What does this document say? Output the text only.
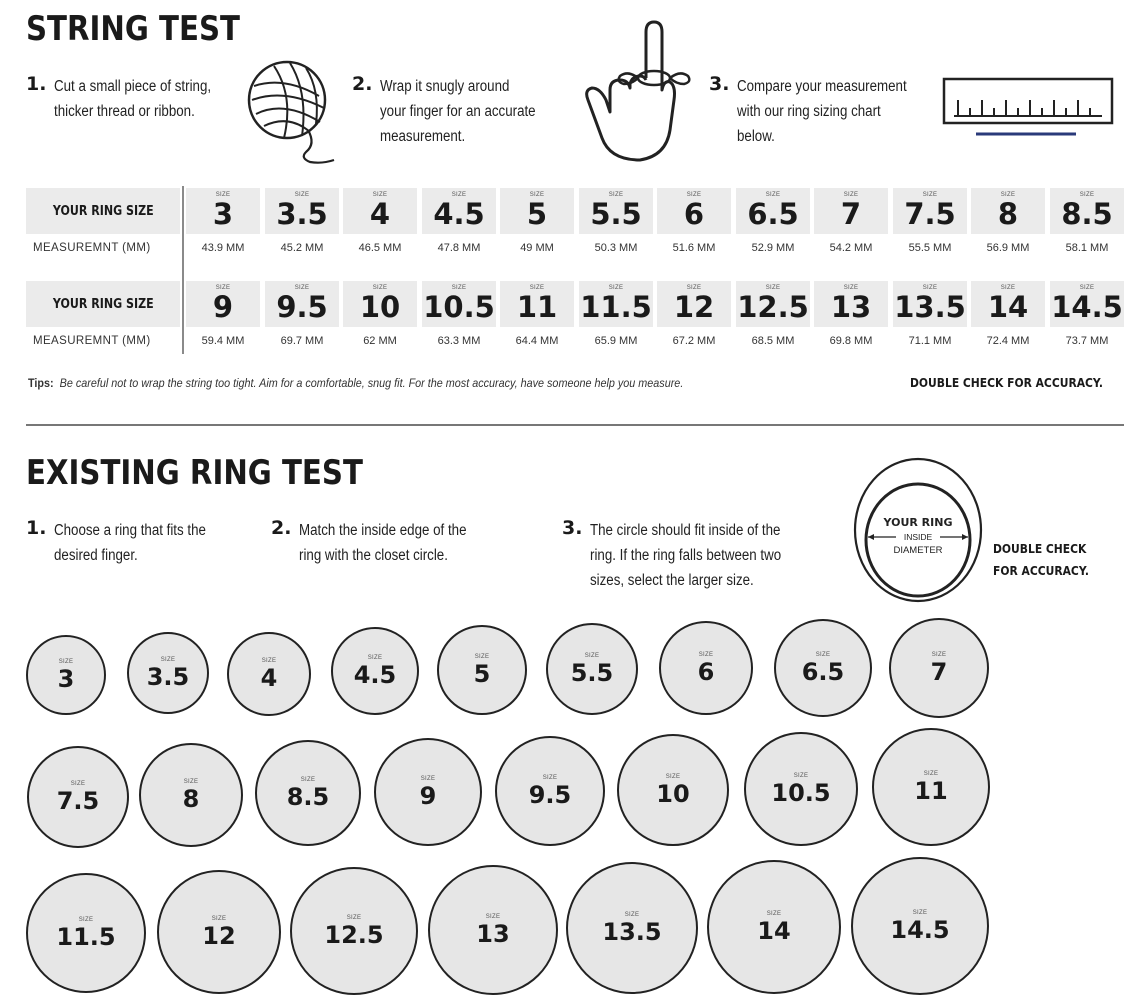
STRING TEST
1. Cut a small piece of string,
thicker thread or ribbon.
2. Wrap it snugly around
your finger for an accurate
measurement.
3. Compare your measurement
with our ring sizing chart
below.
YOUR RING SIZE
MEASUREMNT (MM)
SIZE
3
43.9 MM
SIZE
3.5
45.2 MM
SIZE
4
46.5 MM
SIZE
4.5
47.8 MM
SIZE
5
49 MM
SIZE
5.5
50.3 MM
SIZE
6
51.6 MM
SIZE
6.5
52.9 MM
SIZE
7
54.2 MM
SIZE
7.5
55.5 MM
SIZE
8
56.9 MM
SIZE
8.5
58.1 MM
YOUR RING SIZE
MEASUREMNT (MM)
SIZE
9
59.4 MM
SIZE
9.5
69.7 MM
SIZE
10
62 MM
SIZE
10.5
63.3 MM
SIZE
11
64.4 MM
SIZE
11.5
65.9 MM
SIZE
12
67.2 MM
SIZE
12.5
68.5 MM
SIZE
13
69.8 MM
SIZE
13.5
71.1 MM
SIZE
14
72.4 MM
SIZE
14.5
73.7 MM
Tips: Be careful not to wrap the string too tight. Aim for a comfortable, snug fit. For the most accuracy, have someone help you measure.	DOUBLE CHECK FOR ACCURACY.
EXISTING RING TEST
1. Choose a ring that fits the
desired finger.
2. Match the inside edge of the
ring with the closet circle.
3. The circle should fit inside of the
ring. If the ring falls between two
sizes, select the larger size.
YOUR RING
INSIDE
DIAMETER	DOUBLE CHECK
FOR ACCURACY.
SIZE
3
SIZE
3.5
SIZE
4
SIZE
4.5
SIZE
5
SIZE
5.5
SIZE
6
SIZE
6.5
SIZE
7
SIZE
7.5
SIZE
8
SIZE
8.5
SIZE
9
SIZE
9.5
SIZE
10
SIZE
10.5
SIZE
11
SIZE
11.5
SIZE
12
SIZE
12.5
SIZE
13
SIZE
13.5
SIZE
14
SIZE
14.5
